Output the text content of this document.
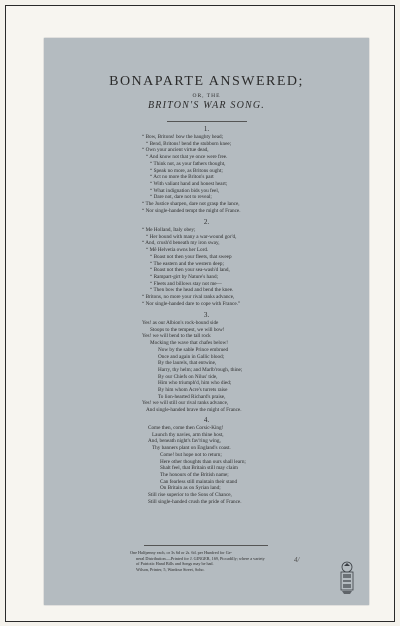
BONAPARTE ANSWERED;
OR, THE
BRITON'S WAR SONG.
1.
“ Bow, Britons! bow the haughty head;
“ Bend, Britons! bend the stubborn knee;
“ Own your ancient virtue dead,
“ And know not that ye once were free.
“ Think not, as your fathers thought,
“ Speak no more, as Britons ought;
“ Act no more the Briton's part
“ With valiant hand and honest heart;
“ What indignation bids you feel,
“ Dare not, dare not to reveal;
“ The Justice sharpen, dare not grasp the lance,
“ Nor single-handed tempt the might of France.
2.
“ Me Holland, Italy obey;
“ Her bound with many a war-wound gor'd,
“ And, crush'd beneath my iron sway,
“ Mê Helvetia owns her Lord.
“ Boast not then your fleets, that sweep
“ The eastern and the western deep;
“ Boast not then your sea-wash'd land,
“ Rampart-girt by Nature's hand;
“ Fleets and billows stay not me—
“ Then bow the head and bend the knee.
“ Britons, no more your rival ranks advance,
“ Nor single-handed dare to cope with France.”
3.
Yes! as our Albion's rock-bound side
Stoops to the tempest, we will bow!
Yes! we will bend to the tall rock
Mocking the wave that chafes below!
Now by the sable Prince embrued
Once and again in Gallic blood;
By the laurels, that entwine,
Harry, thy helm; and Marlb'rough, thine;
By our Chiefs on Nilus' tide,
Him who triumph'd, him who died;
By him whom Acre's turrets raise
To lion-hearted Richard's praise,
Yes! we will still our rival ranks advance,
And single-handed brave the might of France.
4.
Come then, come then Corsic-King!
Launch thy navies, arm thine host,
And, beneath night's fav'ring wing,
Thy banners plant on England's coast.
Come! but hope not to return;
Here other thoughts than ours shall learn;
Shalt feel, that Britain still may claim
The honours of the British name;
Can fearless still maintain their stand
On Britain as on Syrian land;
Still rise superior to the Sons of Chance,
Still single-handed crush the pride of France.
One Halfpenny each, or 3s 6d or 2s. 6d. per Hundred for Ge-
neral Distribution.—Printed for J. GINGER, 169, Piccadilly; where a variety
of Patriotic Hand Bills and Songs may be had.
Wilson, Printer, 5, Wardour Street, Soho.
4/
